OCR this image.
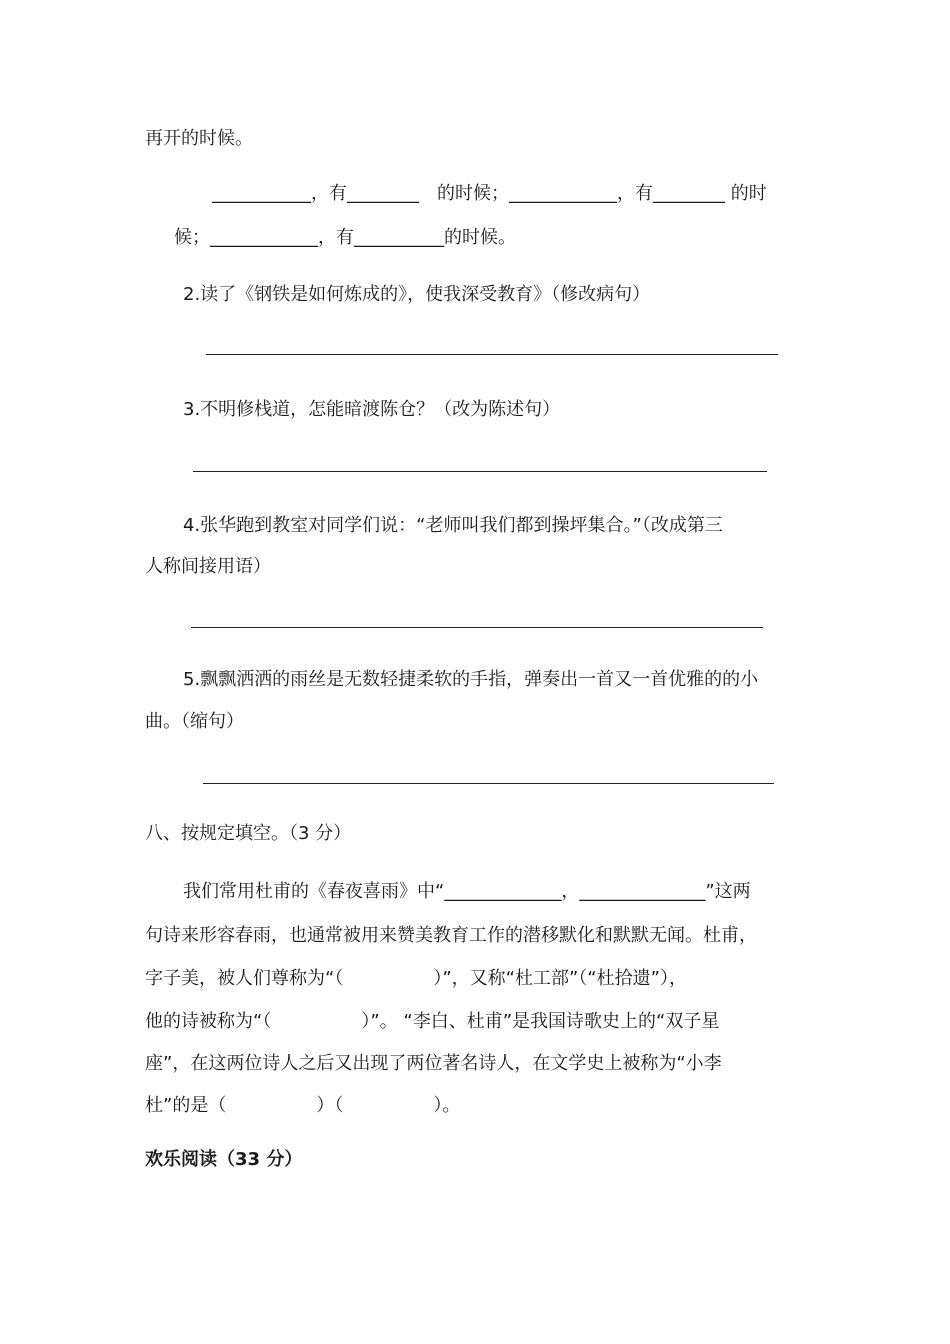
再开的时候。
___________，有________　的时候；____________，有________ 的时
候；____________，有__________的时候。
2.读了《钢铁是如何炼成的》，使我深受教育》（修改病句）
3.不明修栈道，怎能暗渡陈仓？（改为陈述句）
4.张华跑到教室对同学们说：“老师叫我们都到操坪集合。”（改成第三
人称间接用语）
5.飘飘洒洒的雨丝是无数轻捷柔软的手指，弹奏出一首又一首优雅的的小
曲。（缩句）
八、按规定填空。（3 分）
我们常用杜甫的《春夜喜雨》中“_____________，______________”这两
句诗来形容春雨，也通常被用来赞美教育工作的潜移默化和默默无闻。杜甫，
字子美，被人们尊称为“（　　　　　）”，又称“杜工部”（“杜拾遗”），
他的诗被称为“（　　　　　）”。 “李白、杜甫”是我国诗歌史上的“双子星
座”，在这两位诗人之后又出现了两位著名诗人，在文学史上被称为“小李
杜”的是（　　　　　）（　　　　　）。
欢乐阅读（33 分）
